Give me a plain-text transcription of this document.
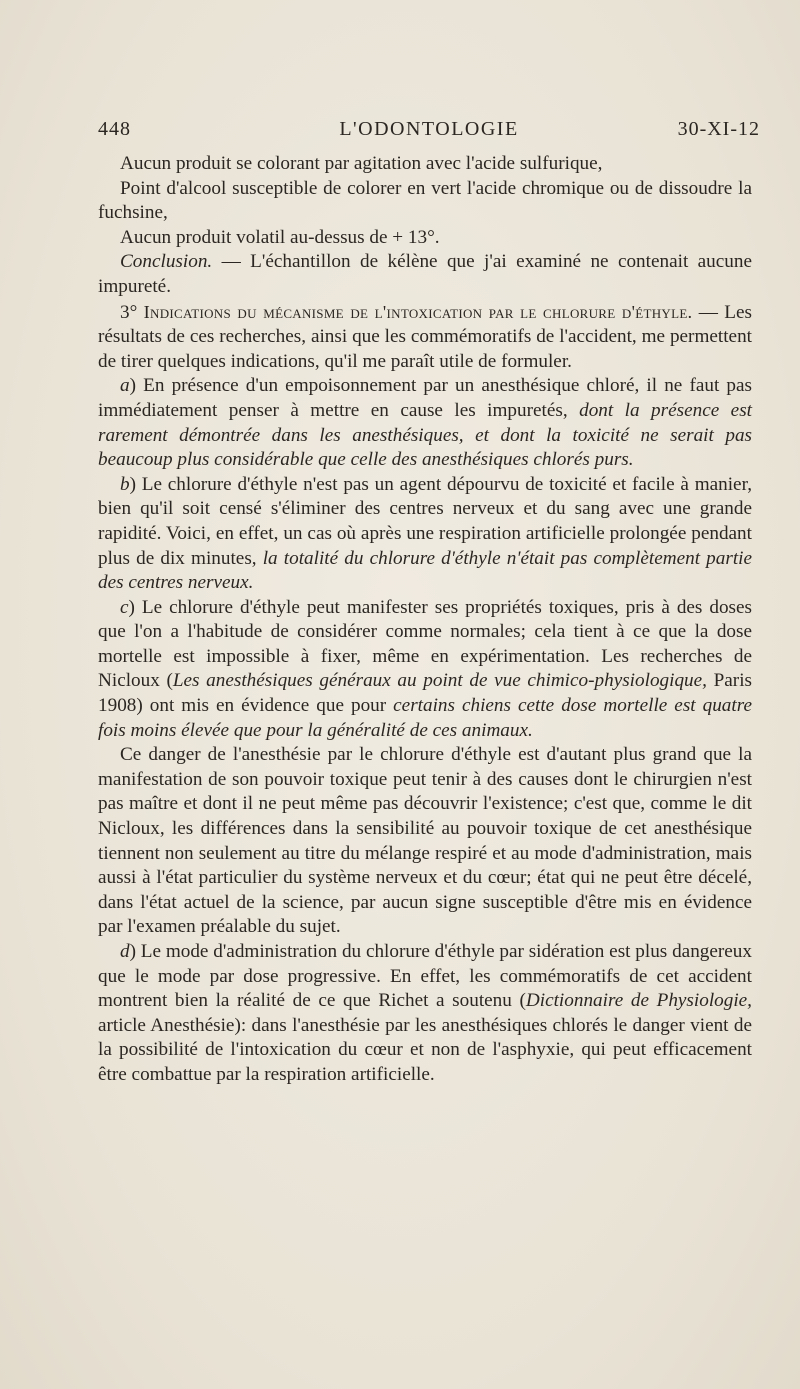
448	L'ODONTOLOGIE	30-XI-12

Aucun produit se colorant par agitation avec l'acide sulfurique,

Point d'alcool susceptible de colorer en vert l'acide chromique ou de dissoudre la fuchsine,

Aucun produit volatil au-dessus de + 13°.

Conclusion. — L'échantillon de kélène que j'ai examiné ne contenait aucune impureté.

3° Indications du mécanisme de l'intoxication par le chlorure d'éthyle. — Les résultats de ces recherches, ainsi que les commémoratifs de l'accident, me permettent de tirer quelques indications, qu'il me paraît utile de formuler.

a) En présence d'un empoisonnement par un anesthésique chloré, il ne faut pas immédiatement penser à mettre en cause les impuretés, dont la présence est rarement démontrée dans les anesthésiques, et dont la toxicité ne serait pas beaucoup plus considérable que celle des anesthésiques chlorés purs.

b) Le chlorure d'éthyle n'est pas un agent dépourvu de toxicité et facile à manier, bien qu'il soit censé s'éliminer des centres nerveux et du sang avec une grande rapidité. Voici, en effet, un cas où après une respiration artificielle prolongée pendant plus de dix minutes, la totalité du chlorure d'éthyle n'était pas complètement partie des centres nerveux.

c) Le chlorure d'éthyle peut manifester ses propriétés toxiques, pris à des doses que l'on a l'habitude de considérer comme normales; cela tient à ce que la dose mortelle est impossible à fixer, même en expérimentation. Les recherches de Nicloux (Les anesthésiques généraux au point de vue chimico-physiologique, Paris 1908) ont mis en évidence que pour certains chiens cette dose mortelle est quatre fois moins élevée que pour la généralité de ces animaux.

Ce danger de l'anesthésie par le chlorure d'éthyle est d'autant plus grand que la manifestation de son pouvoir toxique peut tenir à des causes dont le chirurgien n'est pas maître et dont il ne peut même pas découvrir l'existence; c'est que, comme le dit Nicloux, les différences dans la sensibilité au pouvoir toxique de cet anesthésique tiennent non seulement au titre du mélange respiré et au mode d'administration, mais aussi à l'état particulier du système nerveux et du cœur; état qui ne peut être décelé, dans l'état actuel de la science, par aucun signe susceptible d'être mis en évidence par l'examen préalable du sujet.

d) Le mode d'administration du chlorure d'éthyle par sidération est plus dangereux que le mode par dose progressive. En effet, les commémoratifs de cet accident montrent bien la réalité de ce que Richet a soutenu (Dictionnaire de Physiologie, article Anesthésie): dans l'anesthésie par les anesthésiques chlorés le danger vient de la possibilité de l'intoxication du cœur et non de l'asphyxie, qui peut efficacement être combattue par la respiration artificielle.
